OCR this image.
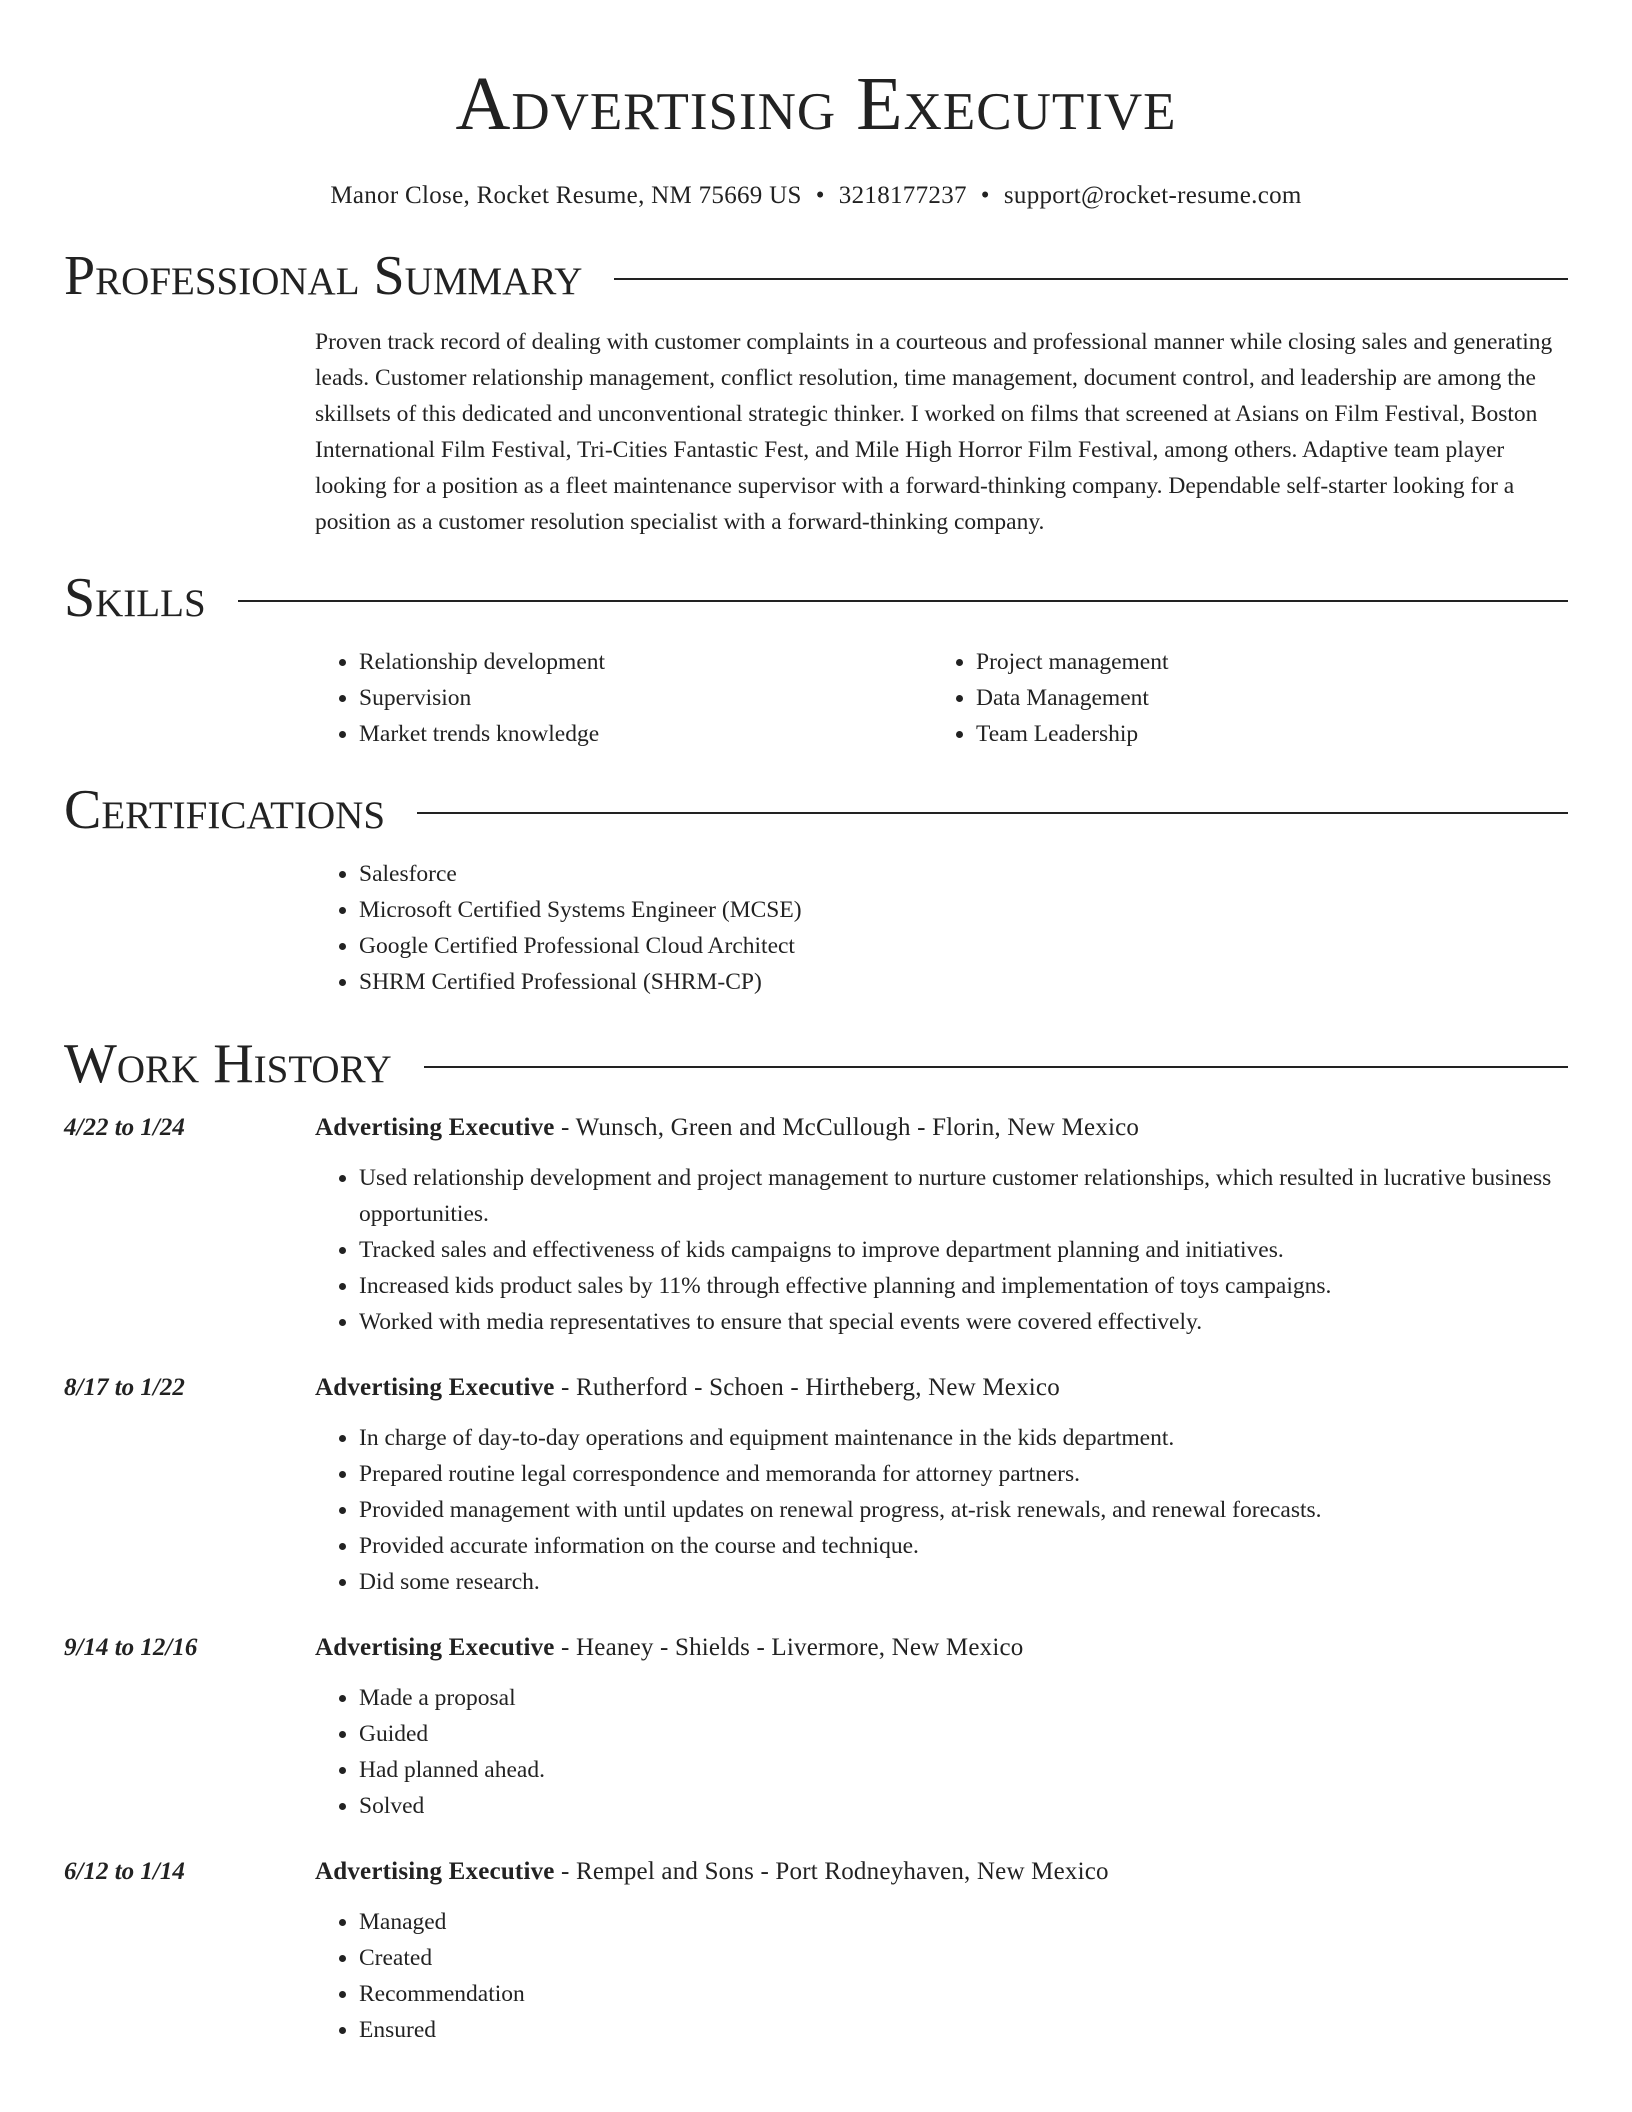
Advertising Executive
Manor Close, Rocket Resume, NM 75669 US • 3218177237 • support@rocket-resume.com
Professional Summary

Proven track record of dealing with customer complaints in a courteous and professional manner while closing sales and generating leads. Customer relationship management, conflict resolution, time management, document control, and leadership are among the skillsets of this dedicated and unconventional strategic thinker. I worked on films that screened at Asians on Film Festival, Boston International Film Festival, Tri-Cities Fantastic Fest, and Mile High Horror Film Festival, among others. Adaptive team player looking for a position as a fleet maintenance supervisor with a forward-thinking company. Dependable self-starter looking for a position as a customer resolution specialist with a forward-thinking company.

Skills
• Relationship development
• Supervision
• Market trends knowledge
• Project management
• Data Management
• Team Leadership
Certifications
• Salesforce
• Microsoft Certified Systems Engineer (MCSE)
• Google Certified Professional Cloud Architect
• SHRM Certified Professional (SHRM-CP)
Work History
4/22 to 1/24	Advertising Executive - Wunsch, Green and McCullough - Florin, New Mexico
• Used relationship development and project management to nurture customer relationships, which resulted in lucrative business opportunities.
• Tracked sales and effectiveness of kids campaigns to improve department planning and initiatives.
• Increased kids product sales by 11% through effective planning and implementation of toys campaigns.
• Worked with media representatives to ensure that special events were covered effectively.
8/17 to 1/22	Advertising Executive - Rutherford - Schoen - Hirtheberg, New Mexico
• In charge of day-to-day operations and equipment maintenance in the kids department.
• Prepared routine legal correspondence and memoranda for attorney partners.
• Provided management with until updates on renewal progress, at-risk renewals, and renewal forecasts.
• Provided accurate information on the course and technique.
• Did some research.
9/14 to 12/16	Advertising Executive - Heaney - Shields - Livermore, New Mexico
• Made a proposal
• Guided
• Had planned ahead.
• Solved
6/12 to 1/14	Advertising Executive - Rempel and Sons - Port Rodneyhaven, New Mexico
• Managed
• Created
• Recommendation
• Ensured
